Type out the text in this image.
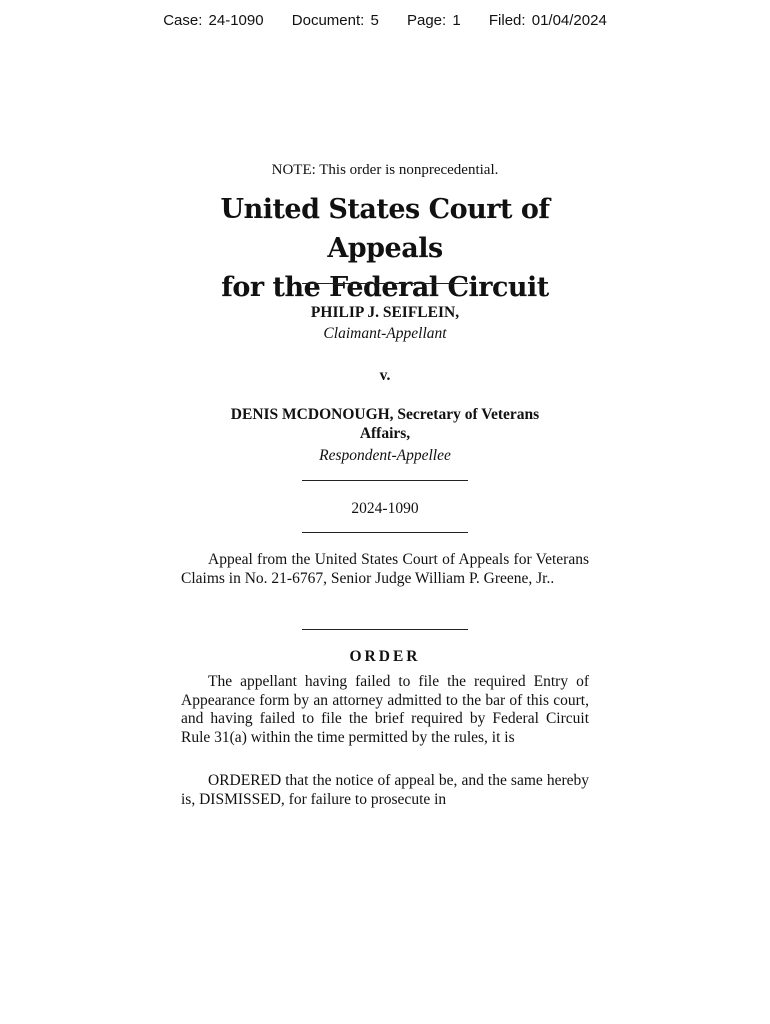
Case: 24-1090 Document: 5 Page: 1 Filed: 01/04/2024
NOTE: This order is nonprecedential.
United States Court of Appeals
for the Federal Circuit
PHILIP J. SEIFLEIN,
Claimant-Appellant
v.
DENIS MCDONOUGH, Secretary of Veterans
Affairs,
Respondent-Appellee
2024-1090

Appeal from the United States Court of Appeals for Veterans Claims in No. 21-6767, Senior Judge William P. Greene, Jr..

ORDER

The appellant having failed to file the required Entry of Appearance form by an attorney admitted to the bar of this court, and having failed to file the brief required by Federal Circuit Rule 31(a) within the time permitted by the rules, it is

ORDERED that the notice of appeal be, and the same hereby is, DISMISSED, for failure to prosecute in
